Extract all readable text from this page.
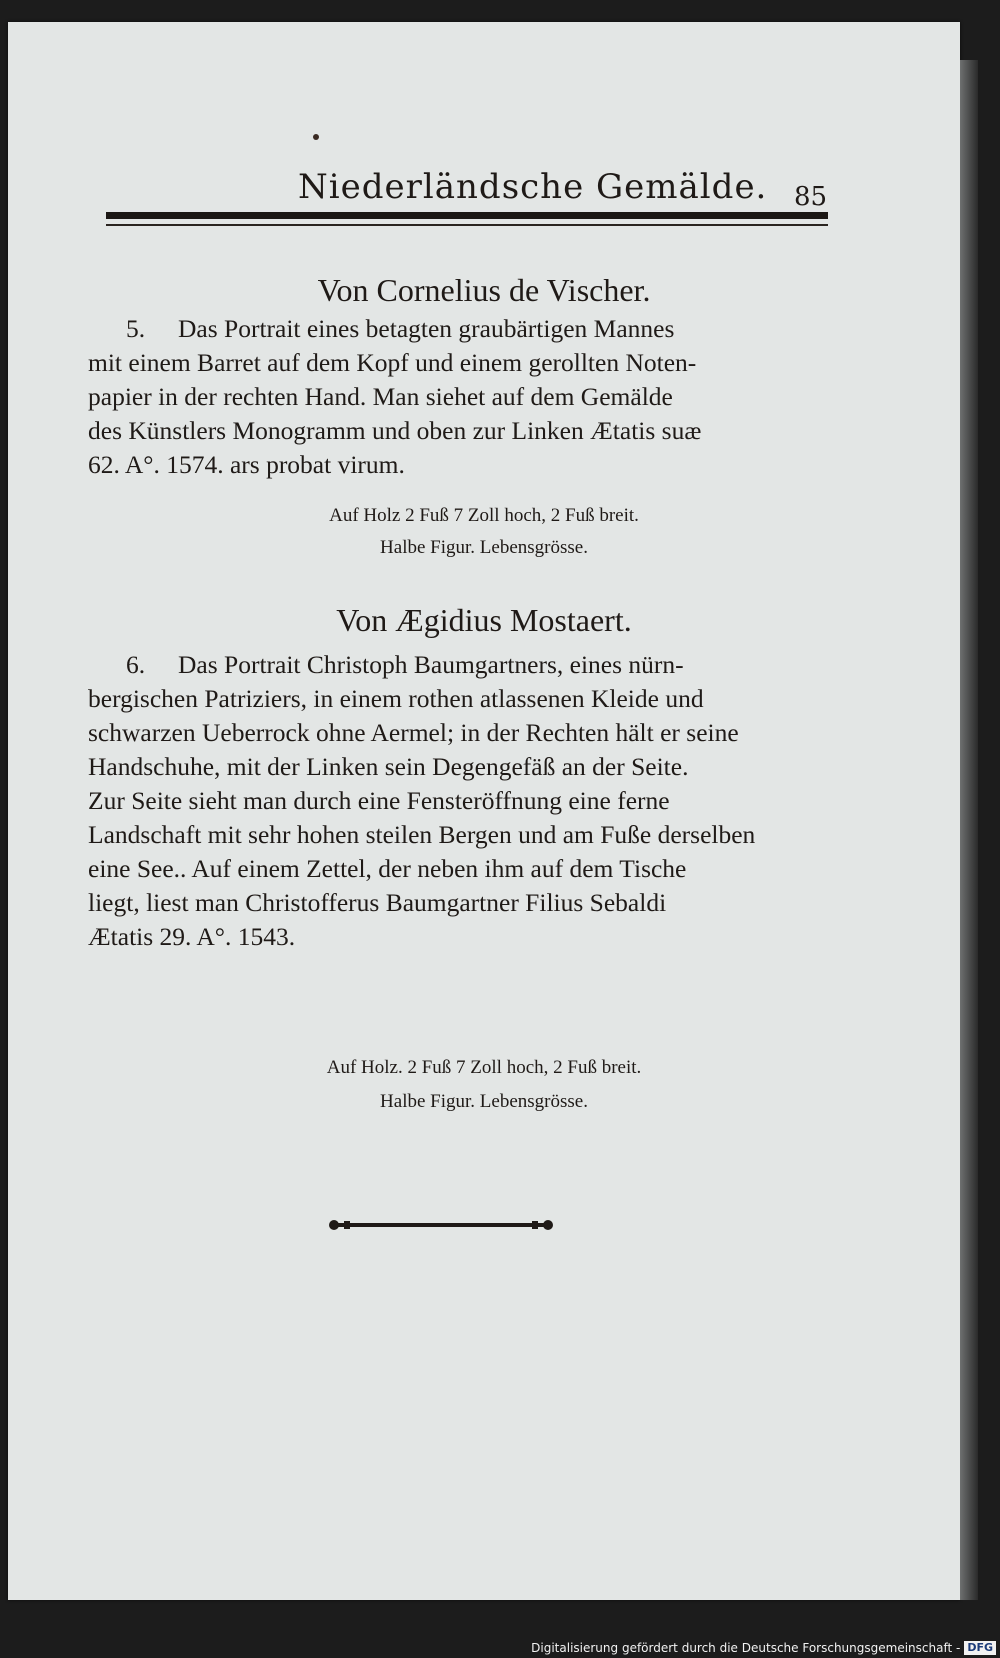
Niederländsche Gemälde. 85
Von Cornelius de Vischer.
5. Das Portrait eines betagten graubärtigen Mannes
mit einem Barret auf dem Kopf und einem gerollten Noten-
papier in der rechten Hand. Man siehet auf dem Gemälde
des Künstlers Monogramm und oben zur Linken Ætatis suæ
62. A°. 1574. ars probat virum.
Auf Holz 2 Fuß 7 Zoll hoch, 2 Fuß breit.
Halbe Figur. Lebensgrösse.
Von Ægidius Mostaert.
6. Das Portrait Christoph Baumgartners, eines nürn-
bergischen Patriziers, in einem rothen atlassenen Kleide und
schwarzen Ueberrock ohne Aermel; in der Rechten hält er seine
Handschuhe, mit der Linken sein Degengefäß an der Seite.
Zur Seite sieht man durch eine Fensteröffnung eine ferne
Landschaft mit sehr hohen steilen Bergen und am Fuße derselben
eine See.. Auf einem Zettel, der neben ihm auf dem Tische
liegt, liest man Christofferus Baumgartner Filius Sebaldi
Ætatis 29. A°. 1543.
Auf Holz. 2 Fuß 7 Zoll hoch, 2 Fuß breit.
Halbe Figur. Lebensgrösse.
Digitalisierung gefördert durch die Deutsche Forschungsgemeinschaft - DFG
